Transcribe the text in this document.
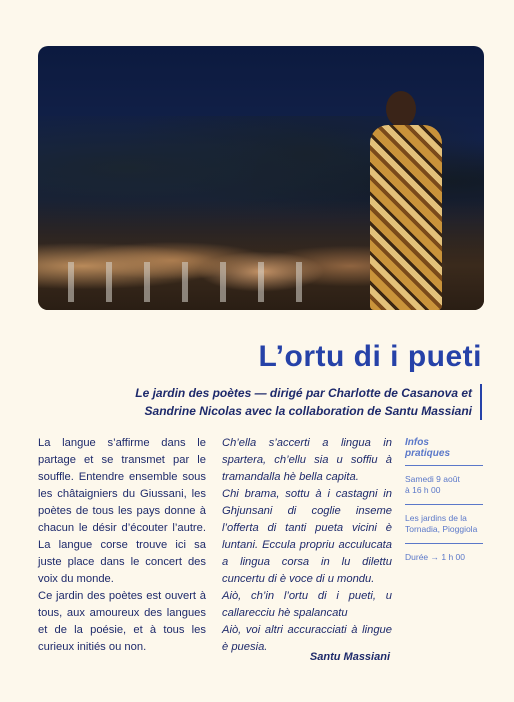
L’ortu di i pueti
Le jardin des poètes — dirigé par Charlotte de Casanova et
Sandrine Nicolas avec la collaboration de Santu Massiani

La langue s’affirme dans le partage et se transmet par le souffle. Entendre ensemble sous les châtaigniers du Giussani, les poètes de tous les pays donne à chacun le désir d’écouter l’autre. La langue corse trouve ici sa juste place dans le concert des voix du monde.

Ce jardin des poètes est ouvert à tous, aux amoureux des langues et de la poésie, et à tous les curieux initiés ou non.

Ch’ella s’accerti a lingua in spartera, ch’ellu sia u soffiu à tramandalla hè bella capita.

Chi brama, sottu à i castagni in Ghjunsani di coglie inseme l’offerta di tanti pueta vicini è luntani. Eccula propriu acculucata a lingua corsa in lu dilettu cuncertu di è voce di u mondu.

Aiò, ch’in l’ortu di i pueti, u callarecciu hè spalancatu

Aiò, voi altri accuracciati à lingue è puesia.

Santu Massiani
Infos
pratiques
Samedi 9 août
à 16 h 00
Les jardins de la
Tornadia, Pioggiola
Durée → 1 h 00
